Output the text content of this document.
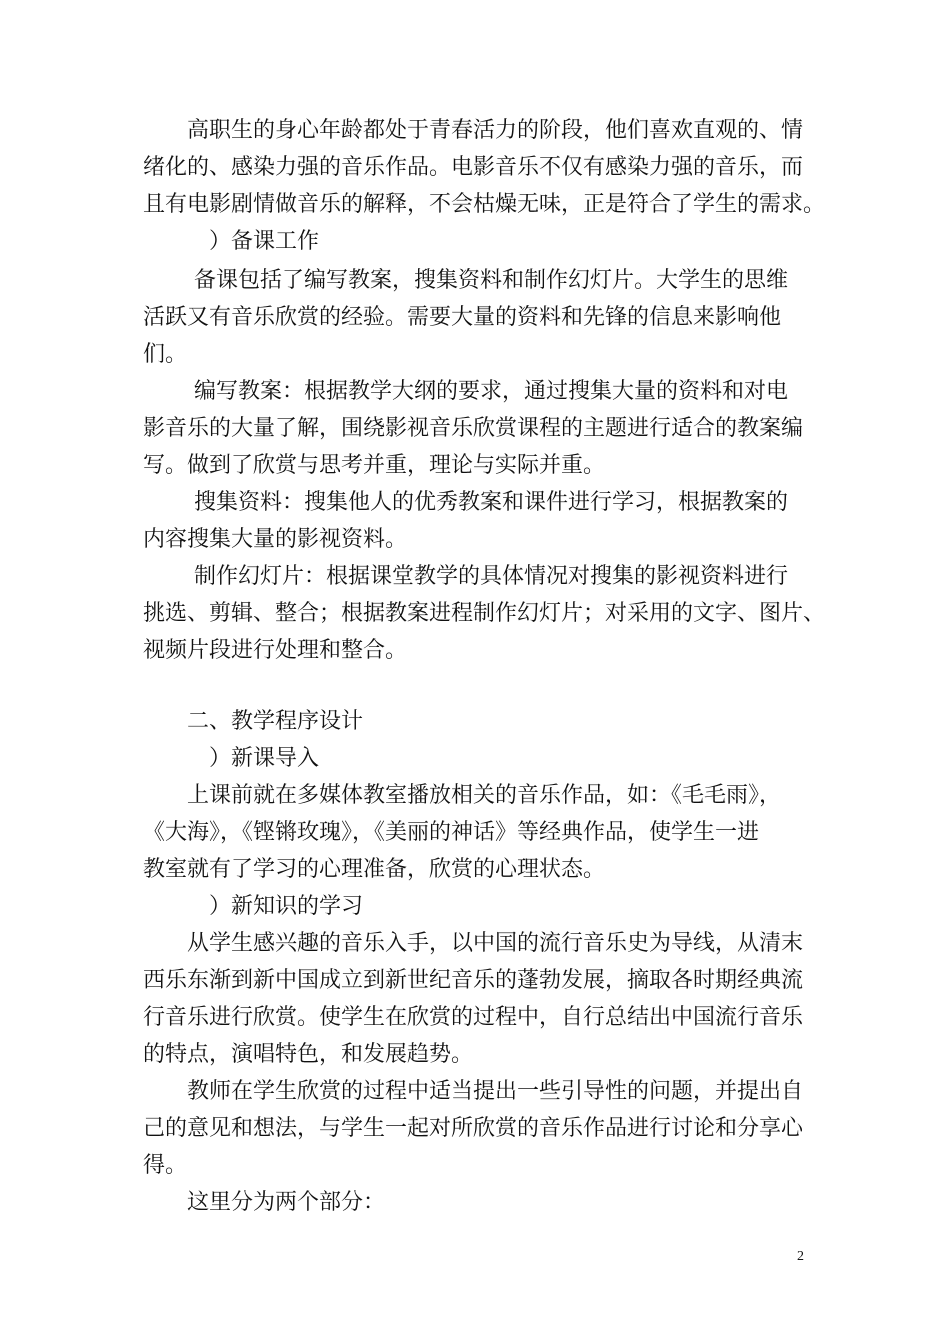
　　高职生的身心年龄都处于青春活力的阶段，他们喜欢直观的、情

绪化的、感染力强的音乐作品。电影音乐不仅有感染力强的音乐，而

且有电影剧情做音乐的解释，不会枯燥无味，正是符合了学生的需求。

　　　）备课工作

　　 备课包括了编写教案，搜集资料和制作幻灯片。大学生的思维

活跃又有音乐欣赏的经验。需要大量的资料和先锋的信息来影响他

们。

　　 编写教案：根据教学大纲的要求，通过搜集大量的资料和对电

影音乐的大量了解，围绕影视音乐欣赏课程的主题进行适合的教案编

写。做到了欣赏与思考并重，理论与实际并重。

　　 搜集资料：搜集他人的优秀教案和课件进行学习，根据教案的

内容搜集大量的影视资料。

　　 制作幻灯片：根据课堂教学的具体情况对搜集的影视资料进行

挑选、剪辑、整合；根据教案进程制作幻灯片；对采用的文字、图片、

视频片段进行处理和整合。

　　二、教学程序设计

　　　）新课导入

　　上课前就在多媒体教室播放相关的音乐作品，如：《毛毛雨》，

《大海》，《铿锵玫瑰》，《美丽的神话》等经典作品，使学生一进

教室就有了学习的心理准备，欣赏的心理状态。

　　　）新知识的学习

　　从学生感兴趣的音乐入手，以中国的流行音乐史为导线，从清末

西乐东渐到新中国成立到新世纪音乐的蓬勃发展，摘取各时期经典流

行音乐进行欣赏。使学生在欣赏的过程中，自行总结出中国流行音乐

的特点，演唱特色，和发展趋势。

　　教师在学生欣赏的过程中适当提出一些引导性的问题，并提出自

己的意见和想法，与学生一起对所欣赏的音乐作品进行讨论和分享心

得。

　　这里分为两个部分：

2
